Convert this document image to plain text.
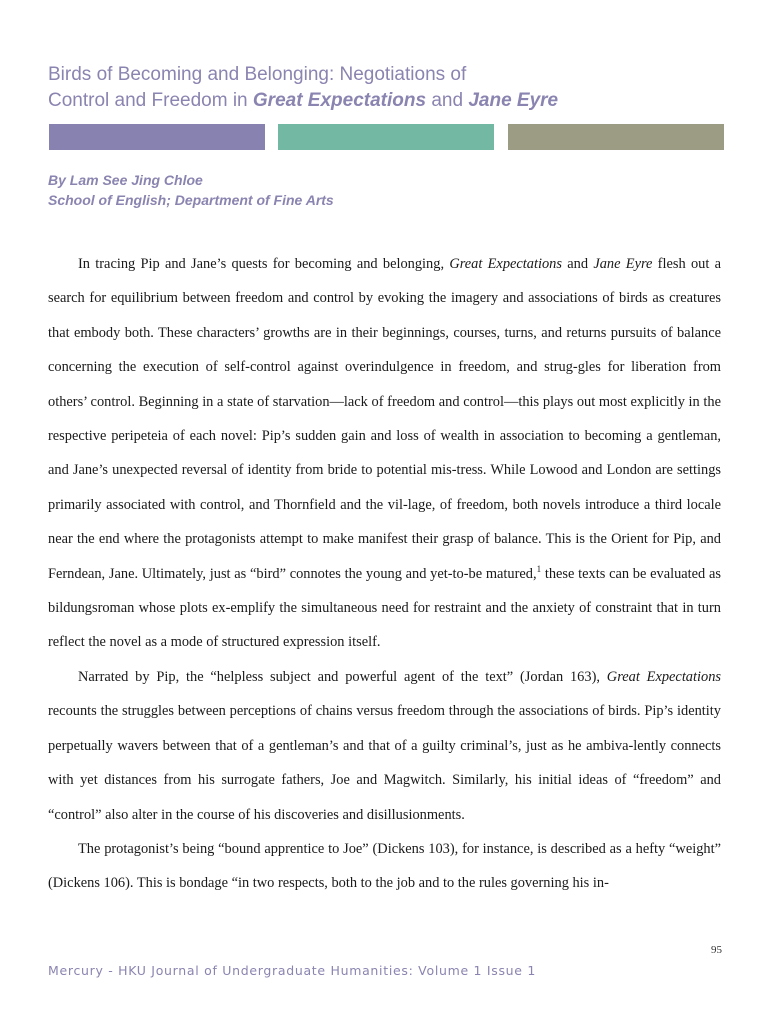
Birds of Becoming and Belonging: Negotiations of
Control and Freedom in Great Expectations and Jane Eyre
By Lam See Jing Chloe
School of English; Department of Fine Arts

In tracing Pip and Jane’s quests for becoming and belonging, Great Expectations and Jane Eyre flesh out a search for equilibrium between freedom and control by evoking the imagery and associations of birds as creatures that embody both. These characters’ growths are in their beginnings, courses, turns, and returns pursuits of balance concerning the execution of self-control against overindulgence in freedom, and strug-gles for liberation from others’ control. Beginning in a state of starvation—lack of freedom and control—this plays out most explicitly in the respective peripeteia of each novel: Pip’s sudden gain and loss of wealth in association to becoming a gentleman, and Jane’s unexpected reversal of identity from bride to potential mis-tress. While Lowood and London are settings primarily associated with control, and Thornfield and the vil-lage, of freedom, both novels introduce a third locale near the end where the protagonists attempt to make manifest their grasp of balance. This is the Orient for Pip, and Ferndean, Jane. Ultimately, just as “bird” connotes the young and yet-to-be matured,$^1$ these texts can be evaluated as bildungsroman whose plots ex-emplify the simultaneous need for restraint and the anxiety of constraint that in turn reflect the novel as a mode of structured expression itself.

Narrated by Pip, the “helpless subject and powerful agent of the text” (Jordan 163), Great Expectations recounts the struggles between perceptions of chains versus freedom through the associations of birds. Pip’s identity perpetually wavers between that of a gentleman’s and that of a guilty criminal’s, just as he ambiva-lently connects with yet distances from his surrogate fathers, Joe and Magwitch. Similarly, his initial ideas of “freedom” and “control” also alter in the course of his discoveries and disillusionments.

The protagonist’s being “bound apprentice to Joe” (Dickens 103), for instance, is described as a hefty “weight” (Dickens 106). This is bondage “in two respects, both to the job and to the rules governing his in-

95
Mercury - HKU Journal of Undergraduate Humanities: Volume 1 Issue 1
